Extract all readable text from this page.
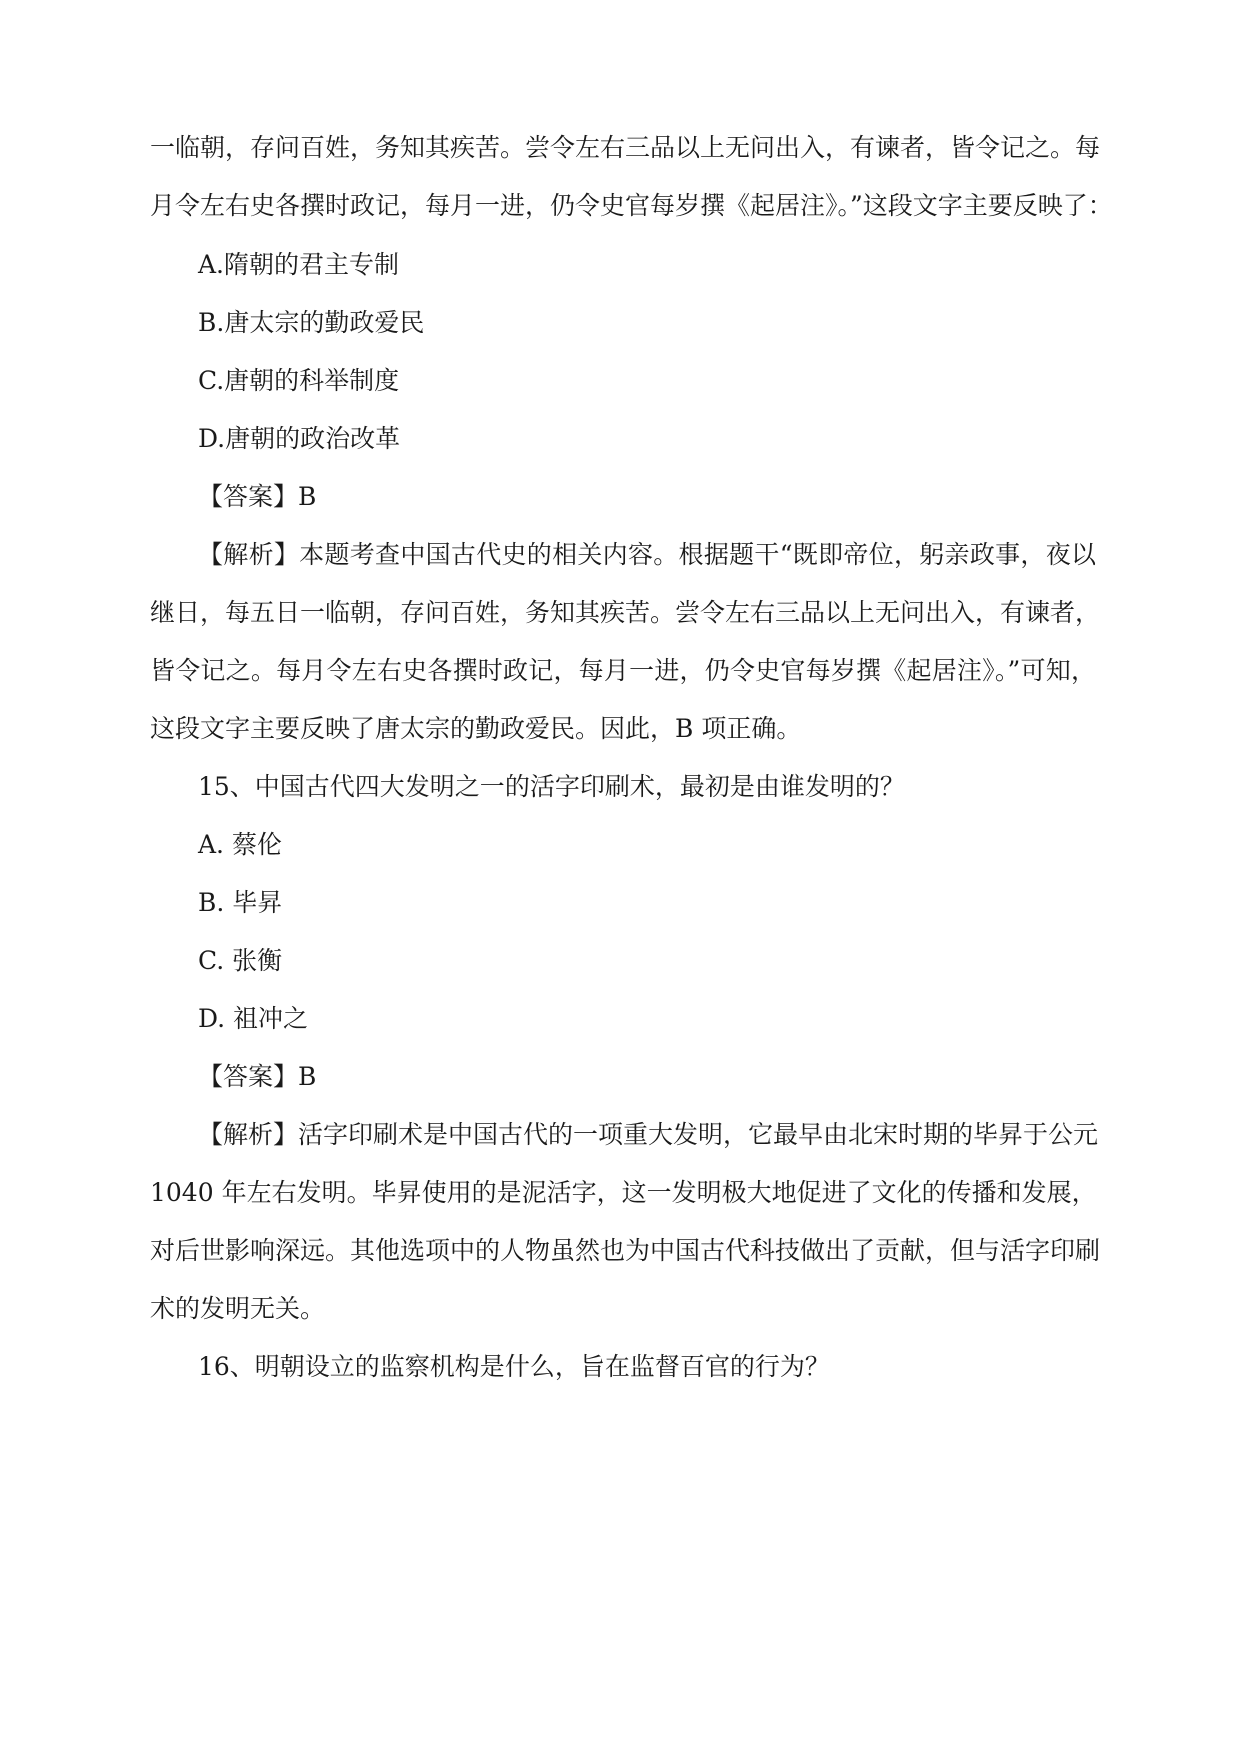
一临朝，存问百姓，务知其疾苦。尝令左右三品以上无问出入，有谏者，皆令记之。每
月令左右史各撰时政记，每月一进，仍令史官每岁撰《起居注》。”这段文字主要反映了：
A.隋朝的君主专制
B.唐太宗的勤政爱民
C.唐朝的科举制度
D.唐朝的政治改革
【答案】B
【解析】本题考查中国古代史的相关内容。根据题干“既即帝位，躬亲政事，夜以
继日，每五日一临朝，存问百姓，务知其疾苦。尝令左右三品以上无问出入，有谏者，
皆令记之。每月令左右史各撰时政记，每月一进，仍令史官每岁撰《起居注》。”可知，
这段文字主要反映了唐太宗的勤政爱民。因此，B 项正确。
15、中国古代四大发明之一的活字印刷术，最初是由谁发明的？
A. 蔡伦
B. 毕昇
C. 张衡
D. 祖冲之
【答案】B
【解析】活字印刷术是中国古代的一项重大发明，它最早由北宋时期的毕昇于公元
1040 年左右发明。毕昇使用的是泥活字，这一发明极大地促进了文化的传播和发展，
对后世影响深远。其他选项中的人物虽然也为中国古代科技做出了贡献，但与活字印刷
术的发明无关。
16、明朝设立的监察机构是什么，旨在监督百官的行为？
